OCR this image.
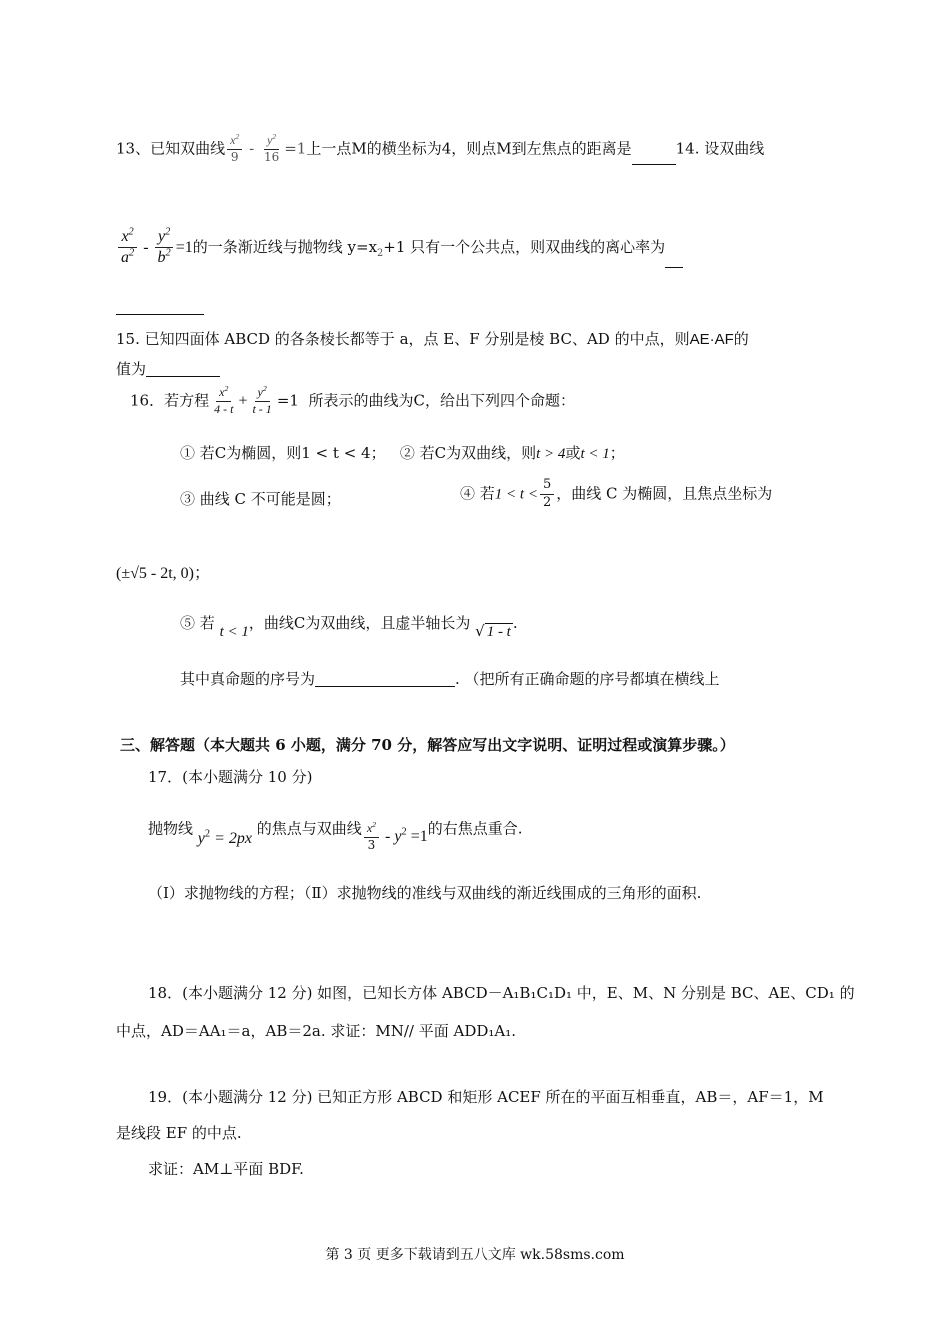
13、已知双曲线 $\frac{x^2}{9} - \frac{y^2}{16} =1$上一点M的横坐标为4，则点M到左焦点的距离是	14. 设双曲线
$\frac{x^2}{a^2} - \frac{y^2}{b^2} =1$的一条渐近线与抛物线 $y=x_2+1$ 只有一个公共点，则双曲线的离心率为
15. 已知四面体 ABCD 的各条棱长都等于 a，点 E、F 分别是棱 BC、AD 的中点，则AE·AF的
值为
16．若方程 $\frac{x^2}{4 - t} + \frac{y^2}{t - 1} =1$ 所表示的曲线为C，给出下列四个命题：
① 若C为椭圆，则1 < t < 4； ② 若C为双曲线，则t > 4或t < 1；
③ 曲线 C 不可能是圆；	④ 若$1 < t < \frac{5}{2}$ ，曲线 C 为椭圆，且焦点坐标为
(±√5 - 2t, 0)；
⑤ 若 t < 1，曲线C为双曲线，且虚半轴长为 √ 1 - t .
其中真命题的序号为	. （把所有正确命题的序号都填在横线上
三、解答题（本大题共 6 小题，满分 70 分，解答应写出文字说明、证明过程或演算步骤。）
17．(本小题满分 10 分)
抛物线 $y^2 = 2px$ 的焦点与双曲线 $\frac{x^2}{3} - y^2 =1$的右焦点重合.
（Ⅰ）求抛物线的方程；（Ⅱ）求抛物线的准线与双曲线的渐近线围成的三角形的面积.
18．(本小题满分 12 分) 如图，已知长方体 ABCD－A₁B₁C₁D₁ 中，E、M、N 分别是 BC、AE、CD₁ 的
中点，AD＝AA₁＝a，AB＝2a. 求证：MN// 平面 ADD₁A₁.
19．(本小题满分 12 分) 已知正方形 ABCD 和矩形 ACEF 所在的平面互相垂直，AB＝，AF＝1，M
是线段 EF 的中点.
求证：AM⊥平面 BDF.
第 3 页 更多下载请到五八文库 wk.58sms.com
